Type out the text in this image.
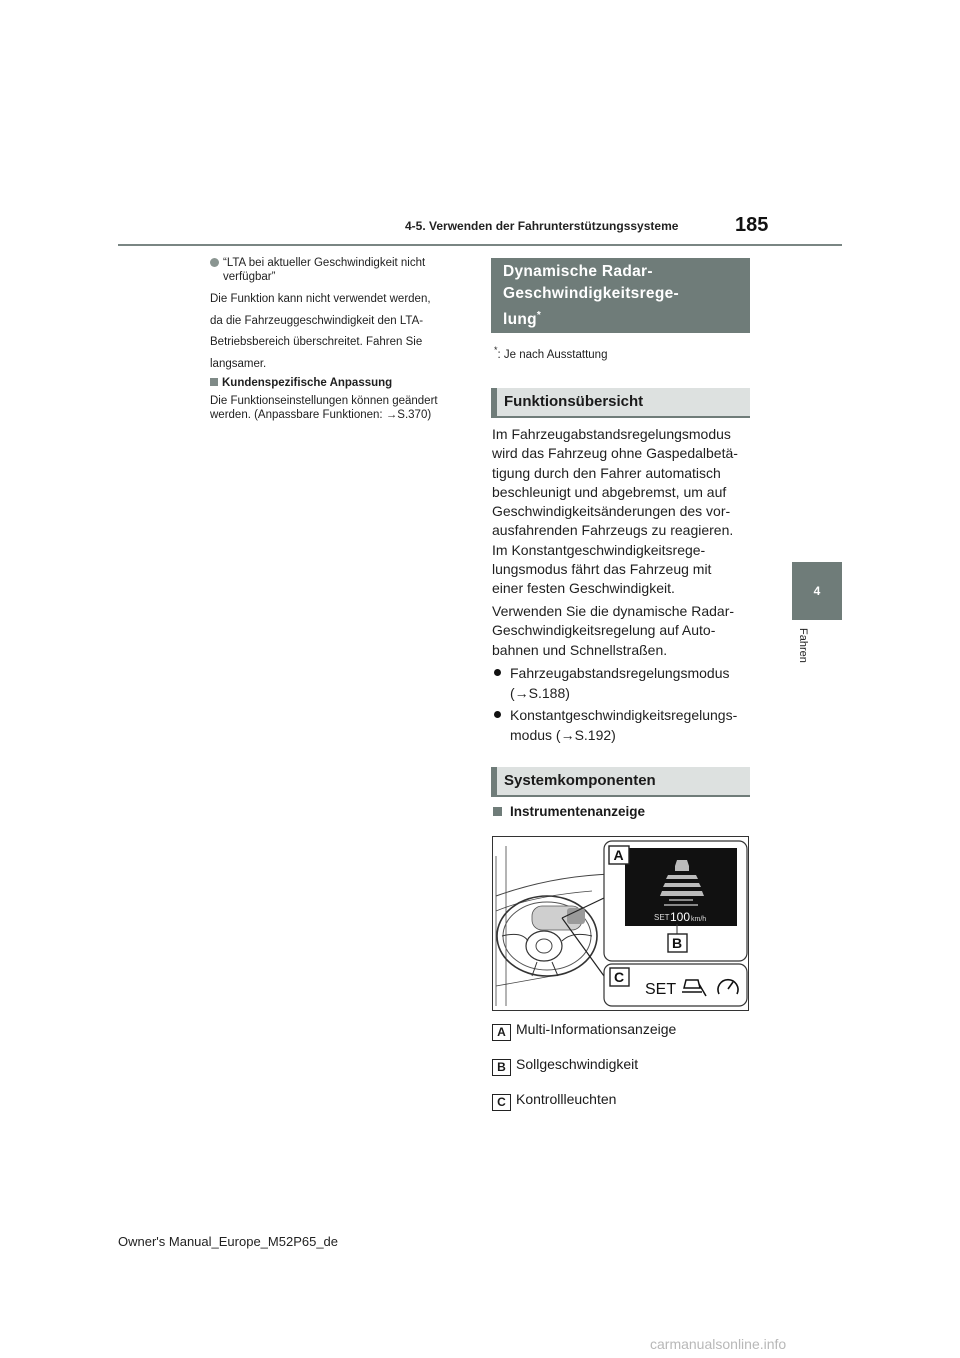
4-5. Verwenden der Fahrunterstützungssysteme	185
4
Fahren
“LTA bei aktueller Geschwindigkeit nicht verfügbar”
Die Funktion kann nicht verwendet werden,
da die Fahrzeuggeschwindigkeit den LTA-
Betriebsbereich überschreitet. Fahren Sie
langsamer.
Kundenspezifische Anpassung
Die Funktionseinstellungen können geändert werden. (Anpassbare Funktionen: →S.370)
Dynamische Radar-
Geschwindigkeitsrege-
lung*
*: Je nach Ausstattung
Funktionsübersicht
Im Fahrzeugabstandsregelungsmodus
wird das Fahrzeug ohne Gaspedalbetä-
tigung durch den Fahrer automatisch
beschleunigt und abgebremst, um auf
Geschwindigkeitsänderungen des vor-
ausfahrenden Fahrzeugs zu reagieren.
Im Konstantgeschwindigkeitsrege-
lungsmodus fährt das Fahrzeug mit
einer festen Geschwindigkeit.
Verwenden Sie die dynamische Radar-
Geschwindigkeitsregelung auf Auto-
bahnen und Schnellstraßen.
Fahrzeugabstandsregelungsmodus
(→S.188)
Konstantgeschwindigkeitsregelungs-
modus (→S.192)
Systemkomponenten
Instrumentenanzeige
SET 100 km/h
A
B
C
SET
A Multi-Informationsanzeige
B Sollgeschwindigkeit
C Kontrollleuchten
Owner's Manual_Europe_M52P65_de
carmanualsonline.info
